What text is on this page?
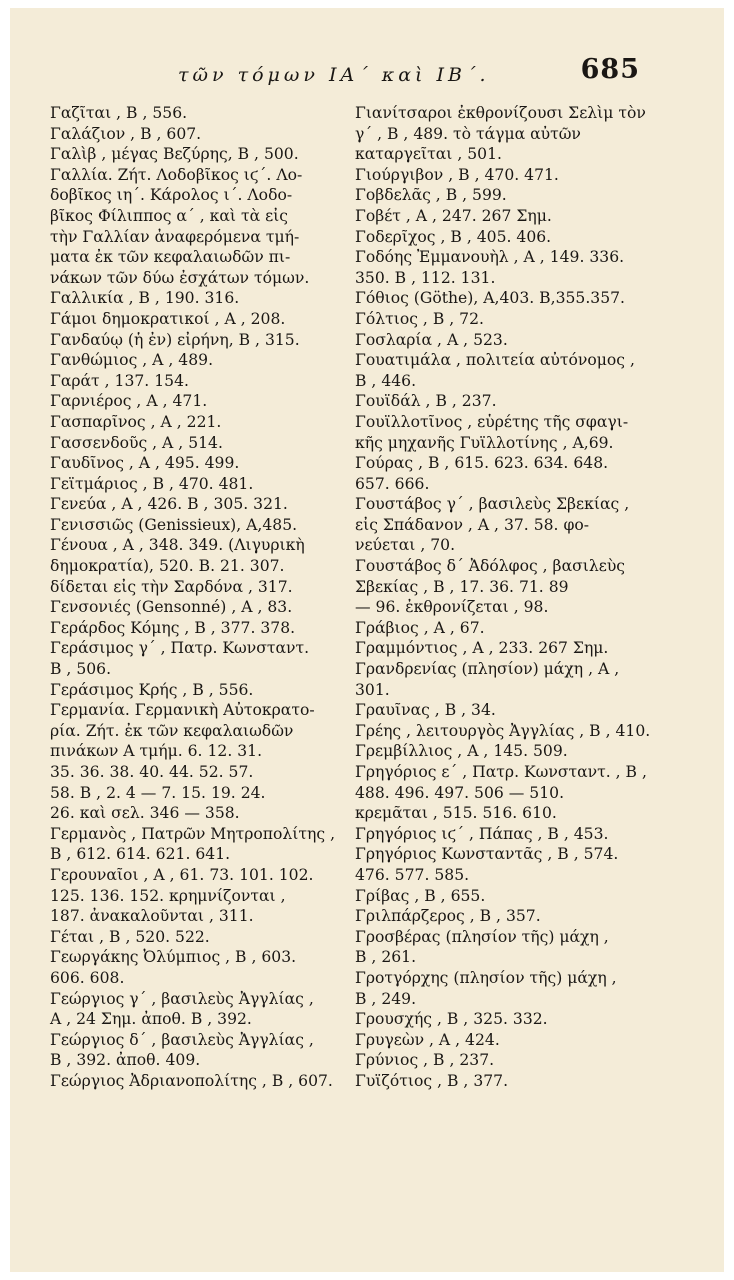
τῶν τόμων ΙΑ΄ καὶ ΙΒ΄.	685
Γαζῖται , Β , 556.
Γαλάζιον , Β , 607.
Γαλὶβ , μέγας Βεζύρης, Β , 500.
Γαλλία. Ζήτ. Λοδοβῖκος ιϛ΄. Λο-
δοβῖκος ιη΄. Κάρολος ι΄. Λοδο-
βῖκος Φίλιππος α΄ , καὶ τὰ εἰς
τὴν Γαλλίαν ἀναφερόμενα τμή-
ματα ἐκ τῶν κεφαλαιωδῶν πι-
νάκων τῶν δύω ἐσχάτων τόμων.
Γαλλικία , Β , 190. 316.
Γάμοι δημοκρατικοί , Α , 208.
Γανδαύῳ (ἡ ἐν) εἰρήνη, Β , 315.
Γανθώμιος , Α , 489.
Γαράτ , 137. 154.
Γαρνιέρος , Α , 471.
Γασπαρῖνος , Α , 221.
Γασσενδοῦς , Α , 514.
Γαυδῖνος , Α , 495. 499.
Γεϊτμάριος , Β , 470. 481.
Γενεύα , Α , 426. Β , 305. 321.
Γενισσιῶς (Genissieux), Α,485.
Γένουα , Α , 348. 349. (Λιγυρικὴ
δημοκρατία), 520. Β. 21. 307.
δίδεται εἰς τὴν Σαρδόνα , 317.
Γενσονιές (Gensonné) , Α , 83.
Γεράρδος Κόμης , Β , 377. 378.
Γεράσιμος γ΄ , Πατρ. Κωνσταντ.
Β , 506.
Γεράσιμος Κρής , Β , 556.
Γερμανία. Γερμανικὴ Αὐτοκρατο-
ρία. Ζήτ. ἐκ τῶν κεφαλαιωδῶν
πινάκων Α τμήμ. 6. 12. 31.
35. 36. 38. 40. 44. 52. 57.
58. Β , 2. 4 — 7. 15. 19. 24.
26. καὶ σελ. 346 — 358.
Γερμανὸς , Πατρῶν Μητροπολίτης ,
Β , 612. 614. 621. 641.
Γερουναῖοι , Α , 61. 73. 101. 102.
125. 136. 152. κρημνίζονται ,
187. ἀνακαλοῦνται , 311.
Γέται , Β , 520. 522.
Γεωργάκης Ὀλύμπιος , Β , 603.
606. 608.
Γεώργιος γ΄ , βασιλεὺς Ἀγγλίας ,
Α , 24 Σημ. ἀποθ. Β , 392.
Γεώργιος δ΄ , βασιλεὺς Ἀγγλίας ,
Β , 392. ἀποθ. 409.
Γεώργιος Ἀδριανοπολίτης , Β , 607.
Γιανίτσαροι ἐκθρονίζουσι Σελὶμ τὸν
γ΄ , Β , 489. τὸ τάγμα αὐτῶν
καταργεῖται , 501.
Γιούργιβον , Β , 470. 471.
Γοβδελᾶς , Β , 599.
Γοβέτ , Α , 247. 267 Σημ.
Γοδερῖχος , Β , 405. 406.
Γοδόης Ἐμμανουὴλ , Α , 149. 336.
350. Β , 112. 131.
Γόθιος (Göthe), Α,403. Β,355.357.
Γόλτιος , Β , 72.
Γοσλαρία , Α , 523.
Γουατιμάλα , πολιτεία αὐτόνομος ,
Β , 446.
Γουϊδάλ , Β , 237.
Γουϊλλοτῖνος , εὑρέτης τῆς σφαγι-
κῆς μηχανῆς Γυϊλλοτίνης , Α,69.
Γούρας , Β , 615. 623. 634. 648.
657. 666.
Γουστάβος γ΄ , βασιλεὺς Σβεκίας ,
εἰς Σπάδανον , Α , 37. 58. φο-
νεύεται , 70.
Γουστάβος δ΄ Ἀδόλφος , βασιλεὺς
Σβεκίας , Β , 17. 36. 71. 89
— 96. ἐκθρονίζεται , 98.
Γράβιος , Α , 67.
Γραμμόντιος , Α , 233. 267 Σημ.
Γρανδρενίας (πλησίον) μάχη , Α ,
301.
Γραυῖνας , Β , 34.
Γρέης , λειτουργὸς Ἀγγλίας , Β , 410.
Γρεμβίλλιος , Α , 145. 509.
Γρηγόριος ε΄ , Πατρ. Κωνσταντ. , Β ,
488. 496. 497. 506 — 510.
κρεμᾶται , 515. 516. 610.
Γρηγόριος ιϛ΄ , Πάπας , Β , 453.
Γρηγόριος Κωνσταντᾶς , Β , 574.
476. 577. 585.
Γρίβας , Β , 655.
Γριλπάρζερος , Β , 357.
Γροσβέρας (πλησίον τῆς) μάχη ,
Β , 261.
Γροτγόρχης (πλησίον τῆς) μάχη ,
Β , 249.
Γρουσχής , Β , 325. 332.
Γρυγεὼν , Α , 424.
Γρύνιος , Β , 237.
Γυϊζότιος , Β , 377.
